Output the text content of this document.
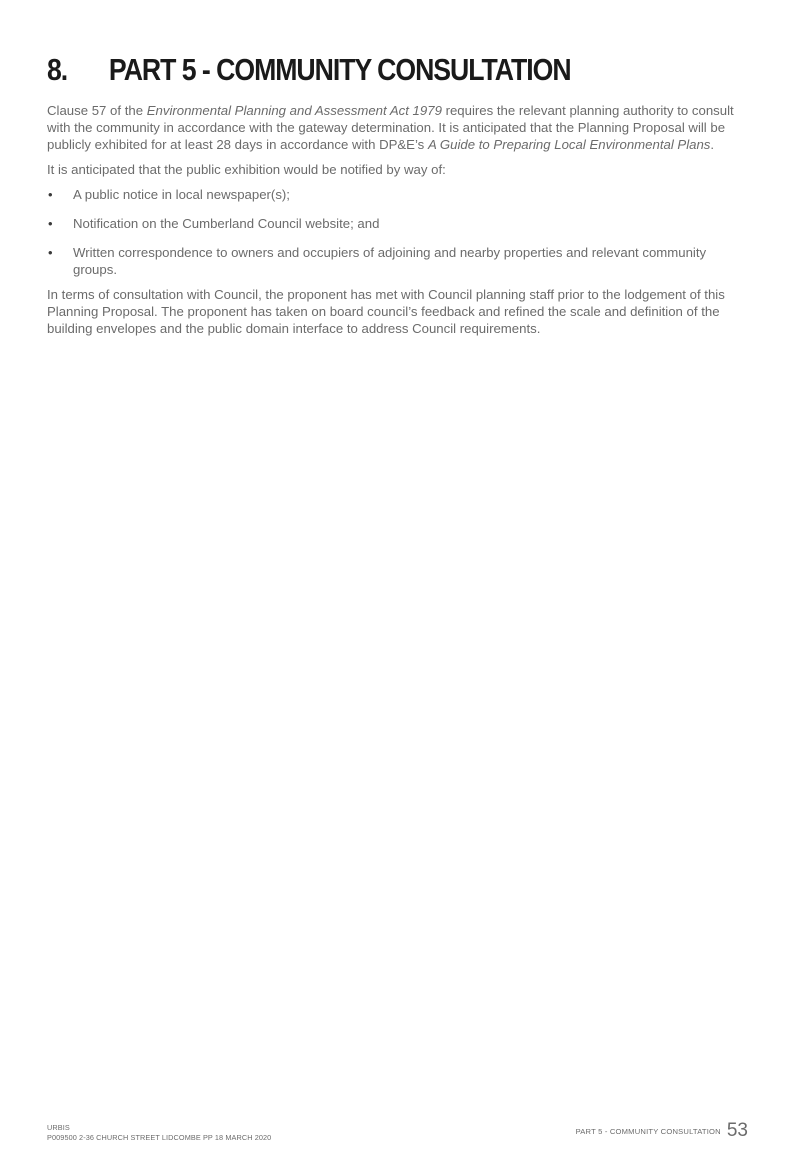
8. PART 5 - COMMUNITY CONSULTATION

Clause 57 of the Environmental Planning and Assessment Act 1979 requires the relevant planning authority to consult with the community in accordance with the gateway determination. It is anticipated that the Planning Proposal will be publicly exhibited for at least 28 days in accordance with DP&E’s A Guide to Preparing Local Environmental Plans.

It is anticipated that the public exhibition would be notified by way of:

• A public notice in local newspaper(s);
• Notification on the Cumberland Council website; and
• Written correspondence to owners and occupiers of adjoining and nearby properties and relevant community groups.

In terms of consultation with Council, the proponent has met with Council planning staff prior to the lodgement of this Planning Proposal. The proponent has taken on board council’s feedback and refined the scale and definition of the building envelopes and the public domain interface to address Council requirements.

URBIS
P009500 2-36 CHURCH STREET LIDCOMBE PP 18 MARCH 2020
PART 5 - COMMUNITY CONSULTATION 53
